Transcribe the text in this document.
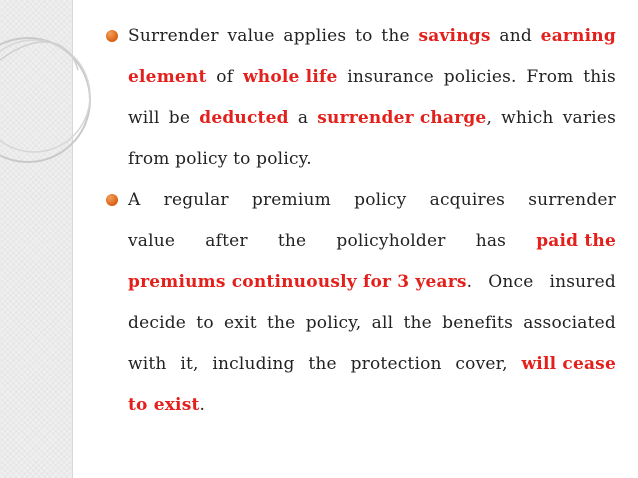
Surrender value applies to the savings and earning
element of whole life insurance policies. From this
will be deducted a surrender charge, which varies
from policy to policy.
A regular premium policy acquires surrender
value after the policyholder has paid the
premiums continuously for 3 years. Once insured
decide to exit the policy, all the benefits associated
with it, including the protection cover, will cease
to exist.
